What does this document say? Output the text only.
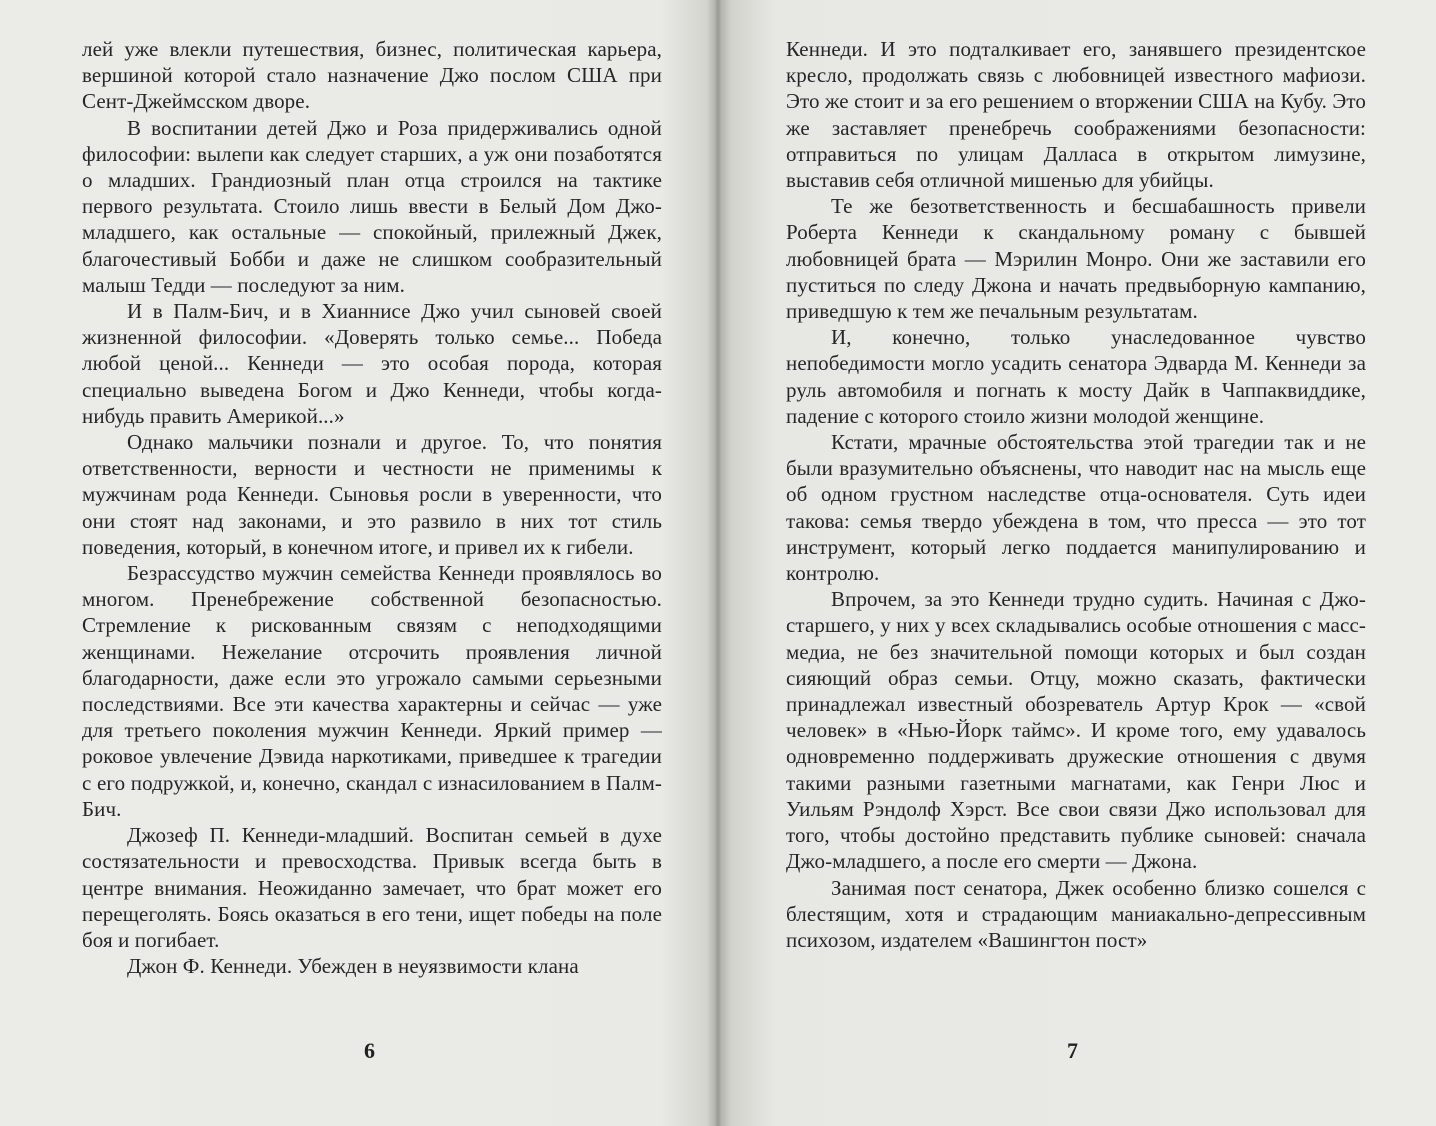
лей уже влекли путешествия, бизнес, политическая карьера, вершиной которой стало назначение Джо послом США при Сент-Джеймсском дворе.

В воспитании детей Джо и Роза придерживались одной философии: вылепи как следует старших, а уж они позаботятся о младших. Грандиозный план отца строился на тактике первого результата. Стоило лишь ввести в Белый Дом Джо-младшего, как остальные — спокойный, прилежный Джек, благочестивый Бобби и даже не слишком сообразительный малыш Тедди — последуют за ним.

И в Палм-Бич, и в Хианнисе Джо учил сыновей своей жизненной философии. «Доверять только семье... Победа любой ценой... Кеннеди — это особая порода, которая специально выведена Богом и Джо Кеннеди, чтобы когда-нибудь править Америкой...»

Однако мальчики познали и другое. То, что понятия ответственности, верности и честности не применимы к мужчинам рода Кеннеди. Сыновья росли в уверенности, что они стоят над законами, и это развило в них тот стиль поведения, который, в конечном итоге, и привел их к гибели.

Безрассудство мужчин семейства Кеннеди проявлялось во многом. Пренебрежение собственной безопасностью. Стремление к рискованным связям с неподходящими женщинами. Нежелание отсрочить проявления личной благодарности, даже если это угрожало самыми серьезными последствиями. Все эти качества характерны и сейчас — уже для третьего поколения мужчин Кеннеди. Яркий пример — роковое увлечение Дэвида наркотиками, приведшее к трагедии с его подружкой, и, конечно, скандал с изнасилованием в Палм-Бич.

Джозеф П. Кеннеди-младший. Воспитан семьей в духе состязательности и превосходства. Привык всегда быть в центре внимания. Неожиданно замечает, что брат может его перещеголять. Боясь оказаться в его тени, ищет победы на поле боя и погибает.

Джон Ф. Кеннеди. Убежден в неуязвимости клана

6

Кеннеди. И это подталкивает его, занявшего президентское кресло, продолжать связь с любовницей известного мафиози. Это же стоит и за его решением о вторжении США на Кубу. Это же заставляет пренебречь соображениями безопасности: отправиться по улицам Далласа в открытом лимузине, выставив себя отличной мишенью для убийцы.

Те же безответственность и бесшабашность привели Роберта Кеннеди к скандальному роману с бывшей любовницей брата — Мэрилин Монро. Они же заставили его пуститься по следу Джона и начать предвыборную кампанию, приведшую к тем же печальным результатам.

И, конечно, только унаследованное чувство непобедимости могло усадить сенатора Эдварда М. Кеннеди за руль автомобиля и погнать к мосту Дайк в Чаппаквиддике, падение с которого стоило жизни молодой женщине.

Кстати, мрачные обстоятельства этой трагедии так и не были вразумительно объяснены, что наводит нас на мысль еще об одном грустном наследстве отца-основателя. Суть идеи такова: семья твердо убеждена в том, что пресса — это тот инструмент, который легко поддается манипулированию и контролю.

Впрочем, за это Кеннеди трудно судить. Начиная с Джо-старшего, у них у всех складывались особые отношения с масс-медиа, не без значительной помощи которых и был создан сияющий образ семьи. Отцу, можно сказать, фактически принадлежал известный обозреватель Артур Крок — «свой человек» в «Нью-Йорк таймс». И кроме того, ему удавалось одновременно поддерживать дружеские отношения с двумя такими разными газетными магнатами, как Генри Люс и Уильям Рэндолф Хэрст. Все свои связи Джо использовал для того, чтобы достойно представить публике сыновей: сначала Джо-младшего, а после его смерти — Джона.

Занимая пост сенатора, Джек особенно близко сошелся с блестящим, хотя и страдающим маниакально-депрессивным психозом, издателем «Вашингтон пост»

7
